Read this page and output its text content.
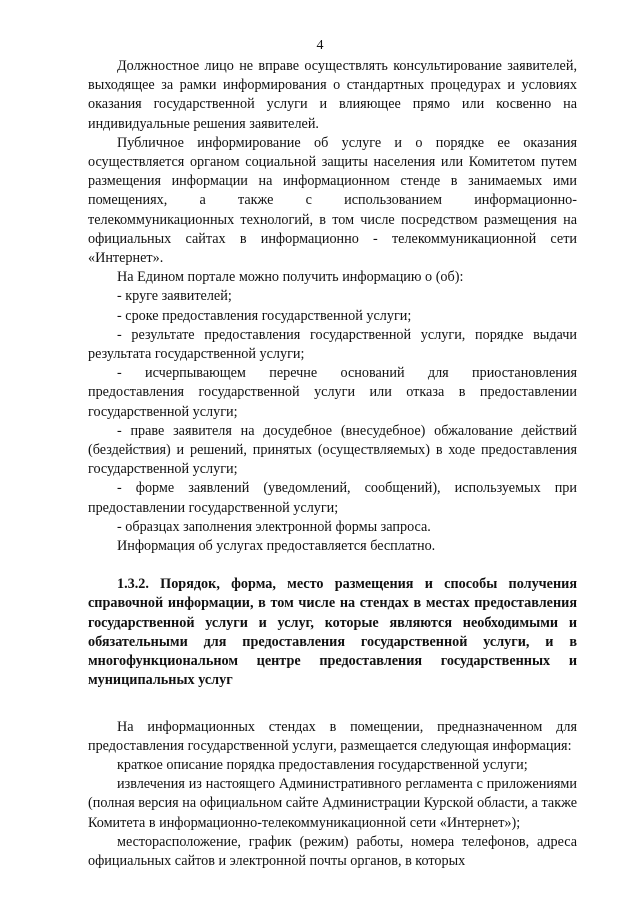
4

Должностное лицо не вправе осуществлять консультирование заявителей, выходящее за рамки информирования о стандартных процедурах и условиях оказания государственной услуги и влияющее прямо или косвенно на индивидуальные решения заявителей.

Публичное информирование об услуге и о порядке ее оказания осуществляется органом социальной защиты населения или Комитетом путем размещения информации на информационном стенде в занимаемых ими помещениях, а также с использованием информационно-телекоммуникационных технологий, в том числе посредством размещения на официальных сайтах в информационно - телекоммуникационной сети «Интернет».

На Едином портале можно получить информацию о (об):

- круге заявителей;

- сроке предоставления государственной услуги;

- результате предоставления государственной услуги, порядке выдачи результата государственной услуги;

- исчерпывающем перечне оснований для приостановления предоставления государственной услуги или отказа в предоставлении государственной услуги;

- праве заявителя на досудебное (внесудебное) обжалование действий (бездействия) и решений, принятых (осуществляемых) в ходе предоставления государственной услуги;

- форме заявлений (уведомлений, сообщений), используемых при предоставлении государственной услуги;

- образцах заполнения электронной формы запроса.

Информация об услугах предоставляется бесплатно.

1.3.2. Порядок, форма, место размещения и способы получения справочной информации, в том числе на стендах в местах предоставления государственной услуги и услуг, которые являются необходимыми и обязательными для предоставления государственной услуги, и в многофункциональном центре предоставления государственных и муниципальных услуг

На информационных стендах в помещении, предназначенном для предоставления государственной услуги, размещается следующая информация:

краткое описание порядка предоставления государственной услуги;

извлечения из настоящего Административного регламента с приложениями (полная версия на официальном сайте Администрации Курской области, а также Комитета в информационно-телекоммуникационной сети «Интернет»);

месторасположение, график (режим) работы, номера телефонов, адреса официальных сайтов и электронной почты органов, в которых
